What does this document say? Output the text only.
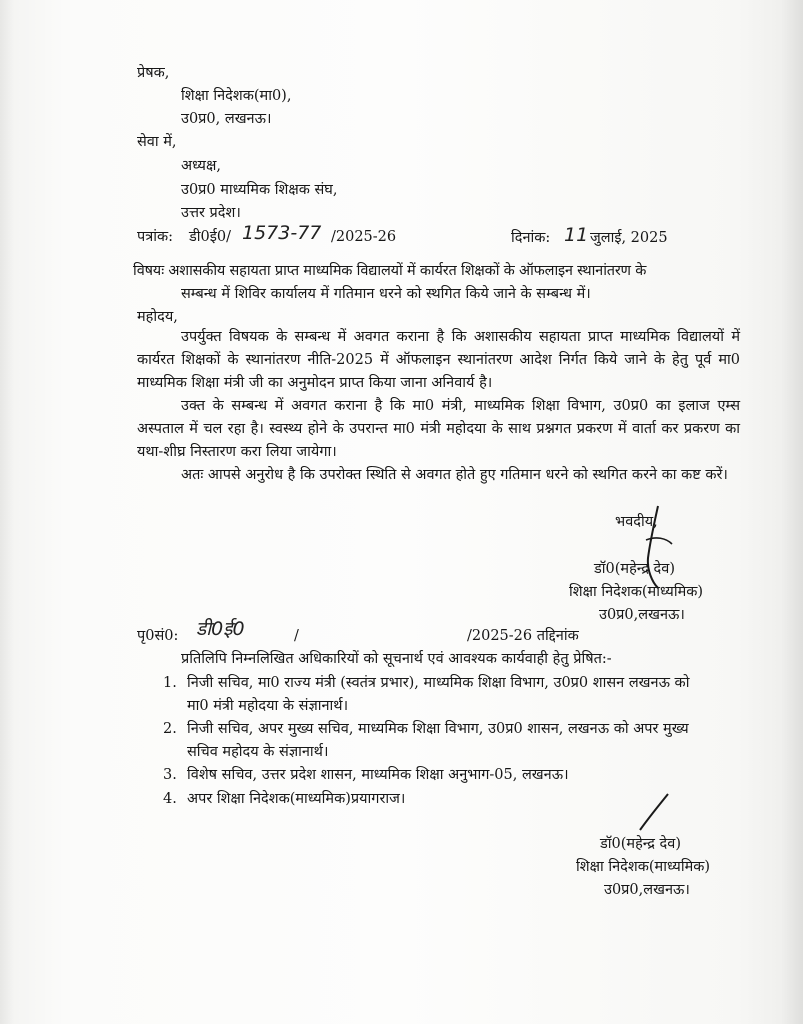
प्रेषक,
शिक्षा निदेशक(मा0),
उ0प्र0, लखनऊ।
सेवा में,
अध्यक्ष,
उ0प्र0 माध्यमिक शिक्षक संघ,
उत्तर प्रदेश।
पत्रांक: डी0ई0/ 1573-77 /2025-26	दिनांक: 11 जुलाई, 2025
विषयः अशासकीय सहायता प्राप्त माध्यमिक विद्यालयों में कार्यरत शिक्षकों के ऑफलाइन स्थानांतरण के
सम्बन्ध में शिविर कार्यालय में गतिमान धरने को स्थगित किये जाने के सम्बन्ध में।
महोदय,
उपर्युक्त विषयक के सम्बन्ध में अवगत कराना है कि अशासकीय सहायता प्राप्त माध्यमिक विद्यालयों में कार्यरत शिक्षकों के स्थानांतरण नीति-2025 में ऑफलाइन स्थानांतरण आदेश निर्गत किये जाने के हेतु पूर्व मा0 माध्यमिक शिक्षा मंत्री जी का अनुमोदन प्राप्त किया जाना अनिवार्य है।
उक्त के सम्बन्ध में अवगत कराना है कि मा0 मंत्री, माध्यमिक शिक्षा विभाग, उ0प्र0 का इलाज एम्स अस्पताल में चल रहा है। स्वस्थ्य होने के उपरान्त मा0 मंत्री महोदया के साथ प्रश्नगत प्रकरण में वार्ता कर प्रकरण का यथा-शीघ्र निस्तारण करा लिया जायेगा।
अतः आपसे अनुरोध है कि उपरोक्त स्थिति से अवगत होते हुए गतिमान धरने को स्थगित करने का कष्ट करें।
भवदीय,
डॉ0(महेन्द्र देव)
शिक्षा निदेशक(माध्यमिक)
उ0प्र0,लखनऊ।
पृ0सं0: डी0ई0	/	/2025-26 तद्दिनांक
प्रतिलिपि निम्नलिखित अधिकारियों को सूचनार्थ एवं आवश्यक कार्यवाही हेतु प्रेषित:-
1. निजी सचिव, मा0 राज्य मंत्री (स्वतंत्र प्रभार), माध्यमिक शिक्षा विभाग, उ0प्र0 शासन लखनऊ को
मा0 मंत्री महोदया के संज्ञानार्थ।
2. निजी सचिव, अपर मुख्य सचिव, माध्यमिक शिक्षा विभाग, उ0प्र0 शासन, लखनऊ को अपर मुख्य
सचिव महोदय के संज्ञानार्थ।
3. विशेष सचिव, उत्तर प्रदेश शासन, माध्यमिक शिक्षा अनुभाग-05, लखनऊ।
4. अपर शिक्षा निदेशक(माध्यमिक)प्रयागराज।
डॉ0(महेन्द्र देव)
शिक्षा निदेशक(माध्यमिक)
उ0प्र0,लखनऊ।
